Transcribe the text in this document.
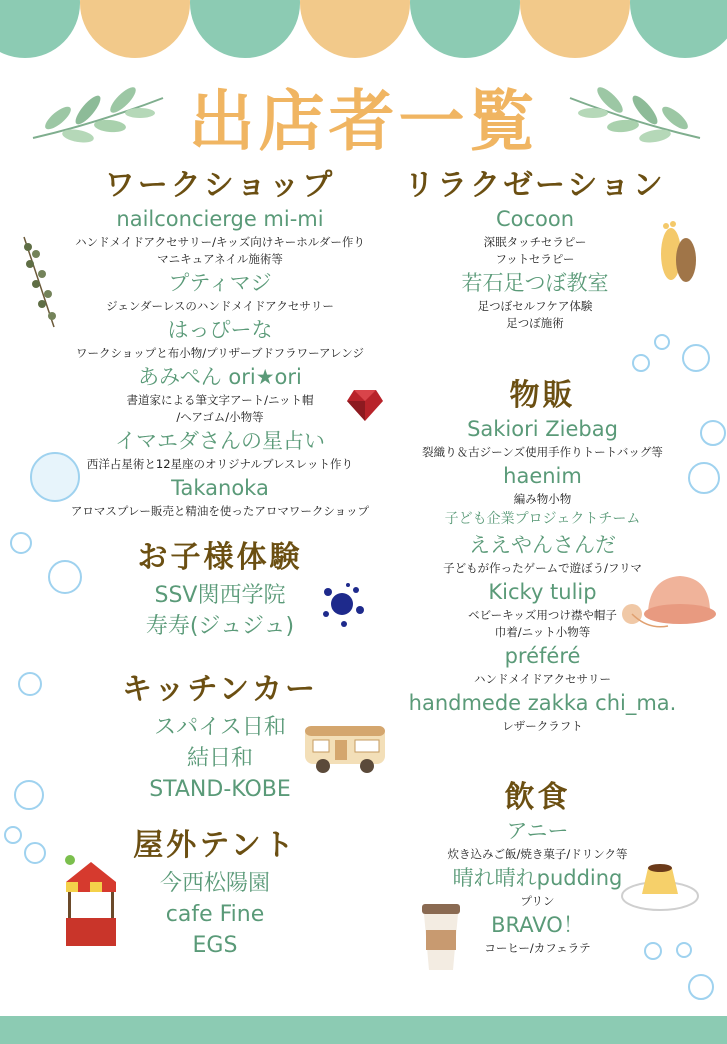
出店者一覧
ワークショップ

nailconcierge mi-mi

ハンドメイドアクセサリー/キッズ向けキーホルダー作り

マニキュアネイル施術等

プティマジ

ジェンダーレスのハンドメイドアクセサリー

はっぴーな

ワークショップと布小物/プリザーブドフラワーアレンジ

あみぺん ori★ori

書道家による筆文字アート/ニット帽

/ヘアゴム/小物等

イマエダさんの星占い

西洋占星術と12星座のオリジナルブレスレット作り

Takanoka

アロマスプレー販売と精油を使ったアロマワークショップ

お子様体験

SSV関西学院

寿寿(ジュジュ)

キッチンカー

スパイス日和

結日和

STAND-KOBE

屋外テント

今西松陽園

cafe Fine

EGS

リラクゼーション

Cocoon

深眠タッチセラピー

フットセラピー

若石足つぼ教室

足つぼセルフケア体験

足つぼ施術

物販

Sakiori Ziebag

裂織り＆古ジーンズ使用手作りトートバッグ等

haenim

編み物小物

子ども企業プロジェクトチーム

ええやんさんだ

子どもが作ったゲームで遊ぼう/フリマ

Kicky tulip

ベビーキッズ用つけ襟や帽子

巾着/ニット小物等

préféré

ハンドメイドアクセサリー

handmede zakka chi_ma.

レザークラフト

飲食

アニー

炊き込みご飯/焼き菓子/ドリンク等

晴れ晴れpudding

プリン

BRAVO！

コーヒー/カフェラテ
